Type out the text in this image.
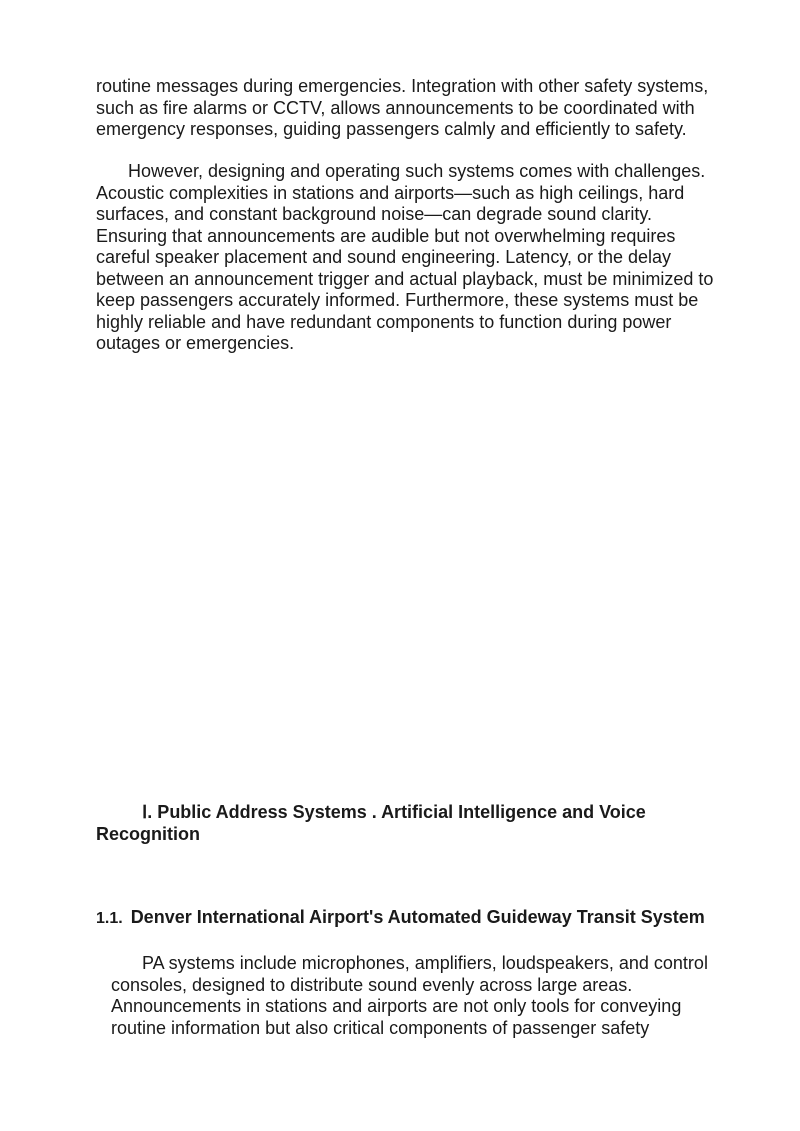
routine messages during emergencies. Integration with other safety systems,
such as fire alarms or CCTV, allows announcements to be coordinated with
emergency responses, guiding passengers calmly and efficiently to safety.

However, designing and operating such systems comes with challenges.
Acoustic complexities in stations and airports—such as high ceilings, hard
surfaces, and constant background noise—can degrade sound clarity.
Ensuring that announcements are audible but not overwhelming requires
careful speaker placement and sound engineering. Latency, or the delay
between an announcement trigger and actual playback, must be minimized to
keep passengers accurately informed. Furthermore, these systems must be
highly reliable and have redundant components to function during power
outages or emergencies.

Ⅰ. Public Address Systems . Artificial Intelligence and Voice Recognition
1.1. Denver International Airport's Automated Guideway Transit System

PA systems include microphones, amplifiers, loudspeakers, and control
consoles, designed to distribute sound evenly across large areas.
Announcements in stations and airports are not only tools for conveying
routine information but also critical components of passenger safety
